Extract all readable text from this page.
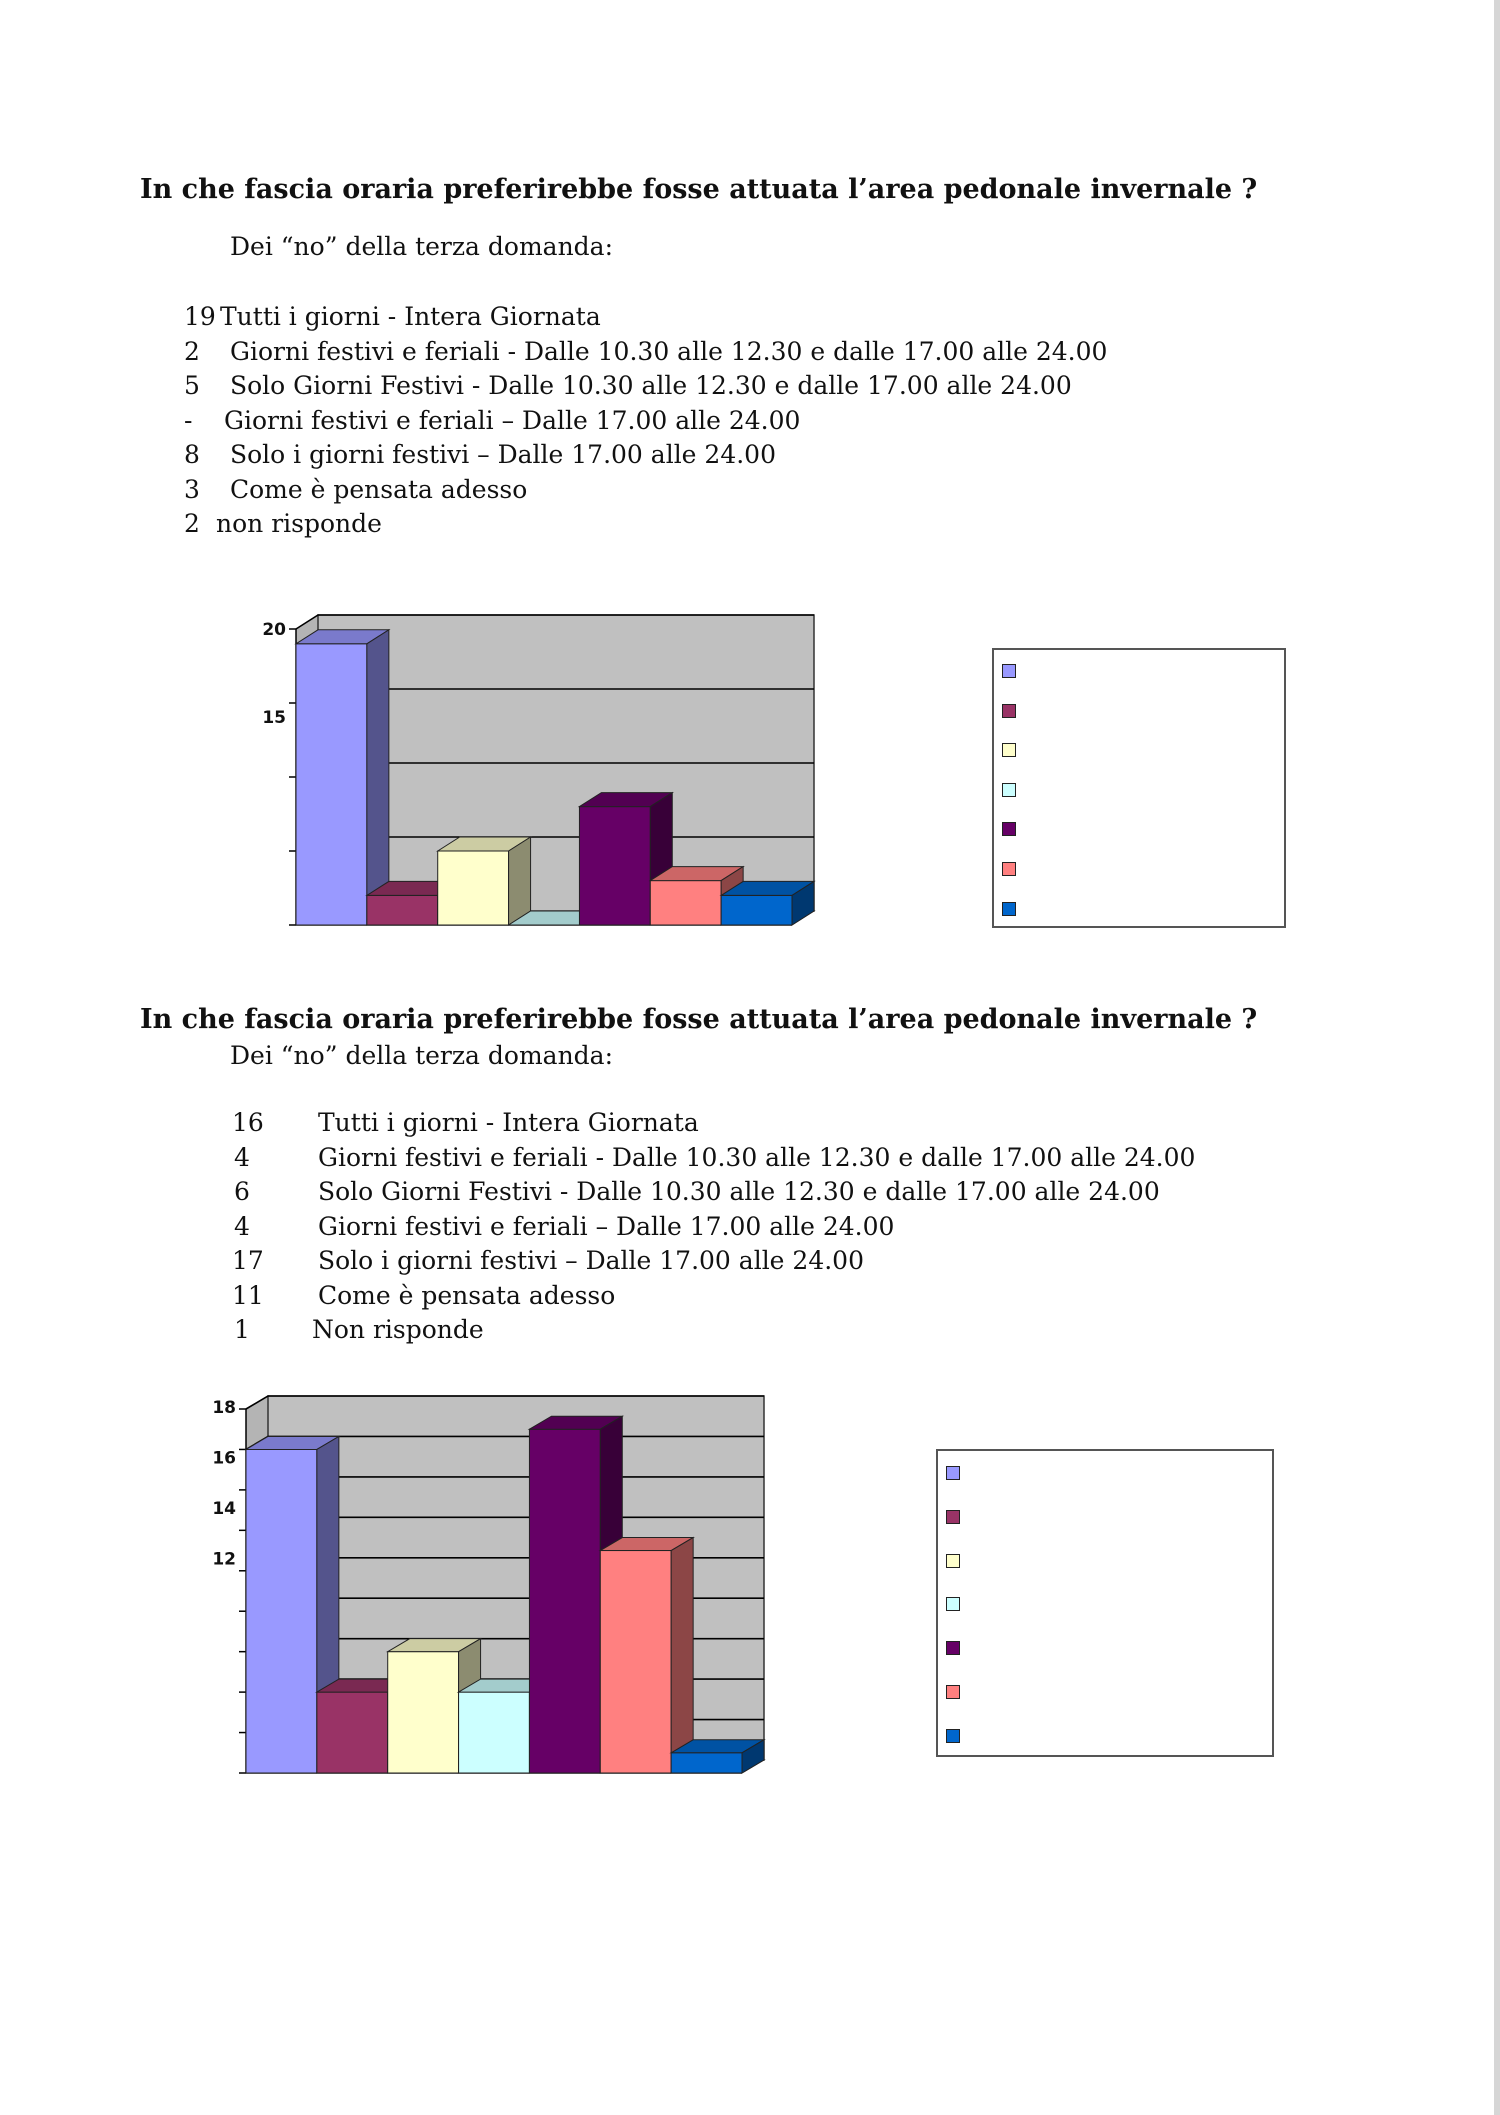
In che fascia oraria preferirebbe fosse attuata l’area pedonale invernale ?

Dei “no” della terza domanda:

19 Tutti i giorni - Intera Giornata
2 Giorni festivi e feriali - Dalle 10.30 alle 12.30 e dalle 17.00 alle 24.00
5 Solo Giorni Festivi - Dalle 10.30 alle 12.30 e dalle 17.00 alle 24.00
- Giorni festivi e feriali – Dalle 17.00 alle 24.00
8 Solo i giorni festivi – Dalle 17.00 alle 24.00
3 Come è pensata adesso
2 non risponde
20
15
In che fascia oraria preferirebbe fosse attuata l’area pedonale invernale ?

Dei “no” della terza domanda:

16 Tutti i giorni - Intera Giornata
4	Giorni festivi e feriali - Dalle 10.30 alle 12.30 e dalle 17.00 alle 24.00
6	Solo Giorni Festivi - Dalle 10.30 alle 12.30 e dalle 17.00 alle 24.00
4	Giorni festivi e feriali – Dalle 17.00 alle 24.00
17 Solo i giorni festivi – Dalle 17.00 alle 24.00
11 Come è pensata adesso
1 Non risponde
18
16
14
12
